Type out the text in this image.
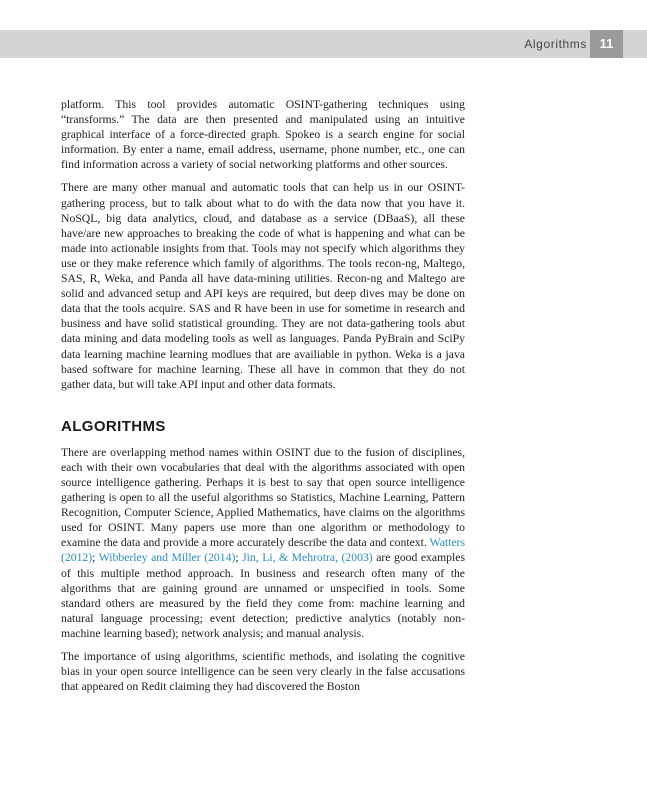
Algorithms 11

platform. This tool provides automatic OSINT-gathering techniques using “transforms.” The data are then presented and manipulated using an intuitive graphical interface of a force-directed graph. Spokeo is a search engine for social information. By enter a name, email address, username, phone number, etc., one can find information across a variety of social networking platforms and other sources.

There are many other manual and automatic tools that can help us in our OSINT-gathering process, but to talk about what to do with the data now that you have it. NoSQL, big data analytics, cloud, and database as a service (DBaaS), all these have/are new approaches to breaking the code of what is happening and what can be made into actionable insights from that. Tools may not specify which algorithms they use or they make reference which family of algorithms. The tools recon-ng, Maltego, SAS, R, Weka, and Panda all have data-mining utilities. Recon-ng and Maltego are solid and advanced setup and API keys are required, but deep dives may be done on data that the tools acquire. SAS and R have been in use for sometime in research and business and have solid statistical grounding. They are not data-gathering tools abut data mining and data modeling tools as well as languages. Panda PyBrain and SciPy data learning machine learning modlues that are availiable in python. Weka is a java based software for machine learning. These all have in common that they do not gather data, but will take API input and other data formats.

ALGORITHMS

There are overlapping method names within OSINT due to the fusion of disciplines, each with their own vocabularies that deal with the algorithms associated with open source intelligence gathering. Perhaps it is best to say that open source intelligence gathering is open to all the useful algorithms so Statistics, Machine Learning, Pattern Recognition, Computer Science, Applied Mathematics, have claims on the algorithms used for OSINT. Many papers use more than one algorithm or methodology to examine the data and provide a more accurately describe the data and context. Watters (2012); Wibberley and Miller (2014); Jin, Li, & Mehrotra, (2003) are good examples of this multiple method approach. In business and research often many of the algorithms that are gaining ground are unnamed or unspecified in tools. Some standard others are measured by the field they come from: machine learning and natural language processing; event detection; predictive analytics (notably non-machine learning based); network analysis; and manual analysis.

The importance of using algorithms, scientific methods, and isolating the cognitive bias in your open source intelligence can be seen very clearly in the false accusations that appeared on Redit claiming they had discovered the Boston
